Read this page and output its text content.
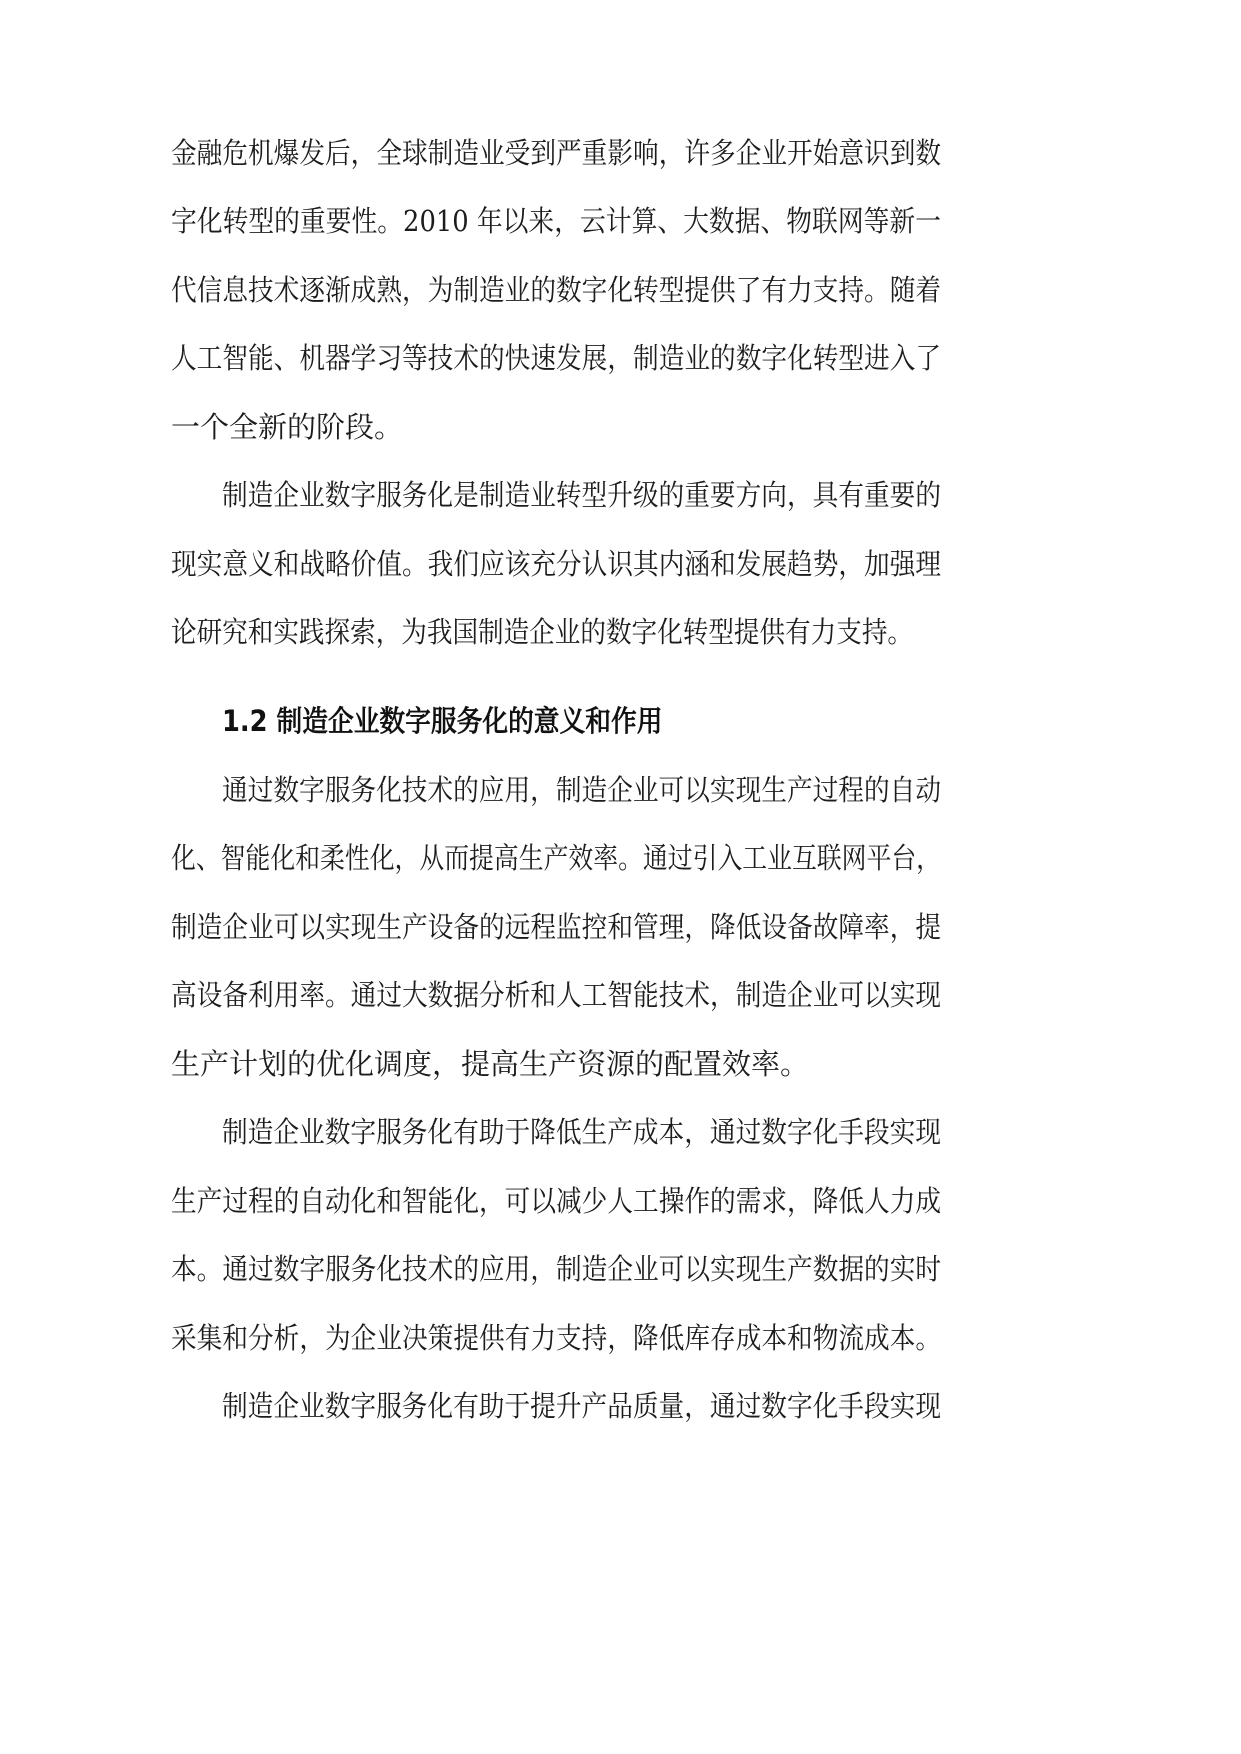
金融危机爆发后，全球制造业受到严重影响，许多企业开始意识到数
字化转型的重要性。2010 年以来，云计算、大数据、物联网等新一
代信息技术逐渐成熟，为制造业的数字化转型提供了有力支持。随着
人工智能、机器学习等技术的快速发展，制造业的数字化转型进入了
一个全新的阶段。
制造企业数字服务化是制造业转型升级的重要方向，具有重要的
现实意义和战略价值。我们应该充分认识其内涵和发展趋势，加强理
论研究和实践探索，为我国制造企业的数字化转型提供有力支持。
1.2 制造企业数字服务化的意义和作用
通过数字服务化技术的应用，制造企业可以实现生产过程的自动
化、智能化和柔性化，从而提高生产效率。通过引入工业互联网平台，
制造企业可以实现生产设备的远程监控和管理，降低设备故障率，提
高设备利用率。通过大数据分析和人工智能技术，制造企业可以实现
生产计划的优化调度，提高生产资源的配置效率。
制造企业数字服务化有助于降低生产成本，通过数字化手段实现
生产过程的自动化和智能化，可以减少人工操作的需求，降低人力成
本。通过数字服务化技术的应用，制造企业可以实现生产数据的实时
采集和分析，为企业决策提供有力支持，降低库存成本和物流成本。
制造企业数字服务化有助于提升产品质量，通过数字化手段实现
